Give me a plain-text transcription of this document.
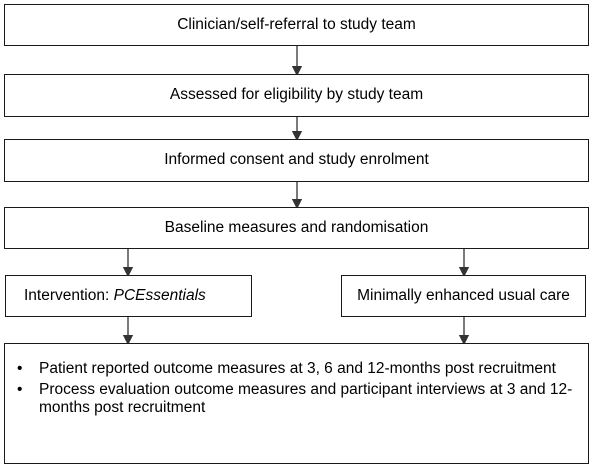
Clinician/self-referral to study team
Assessed for eligibility by study team
Informed consent and study enrolment
Baseline measures and randomisation
Intervention: PCEssentials	Minimally enhanced usual care
• Patient reported outcome measures at 3, 6 and 12-months post recruitment
• Process evaluation outcome measures and participant interviews at 3 and 12-months post recruitment
